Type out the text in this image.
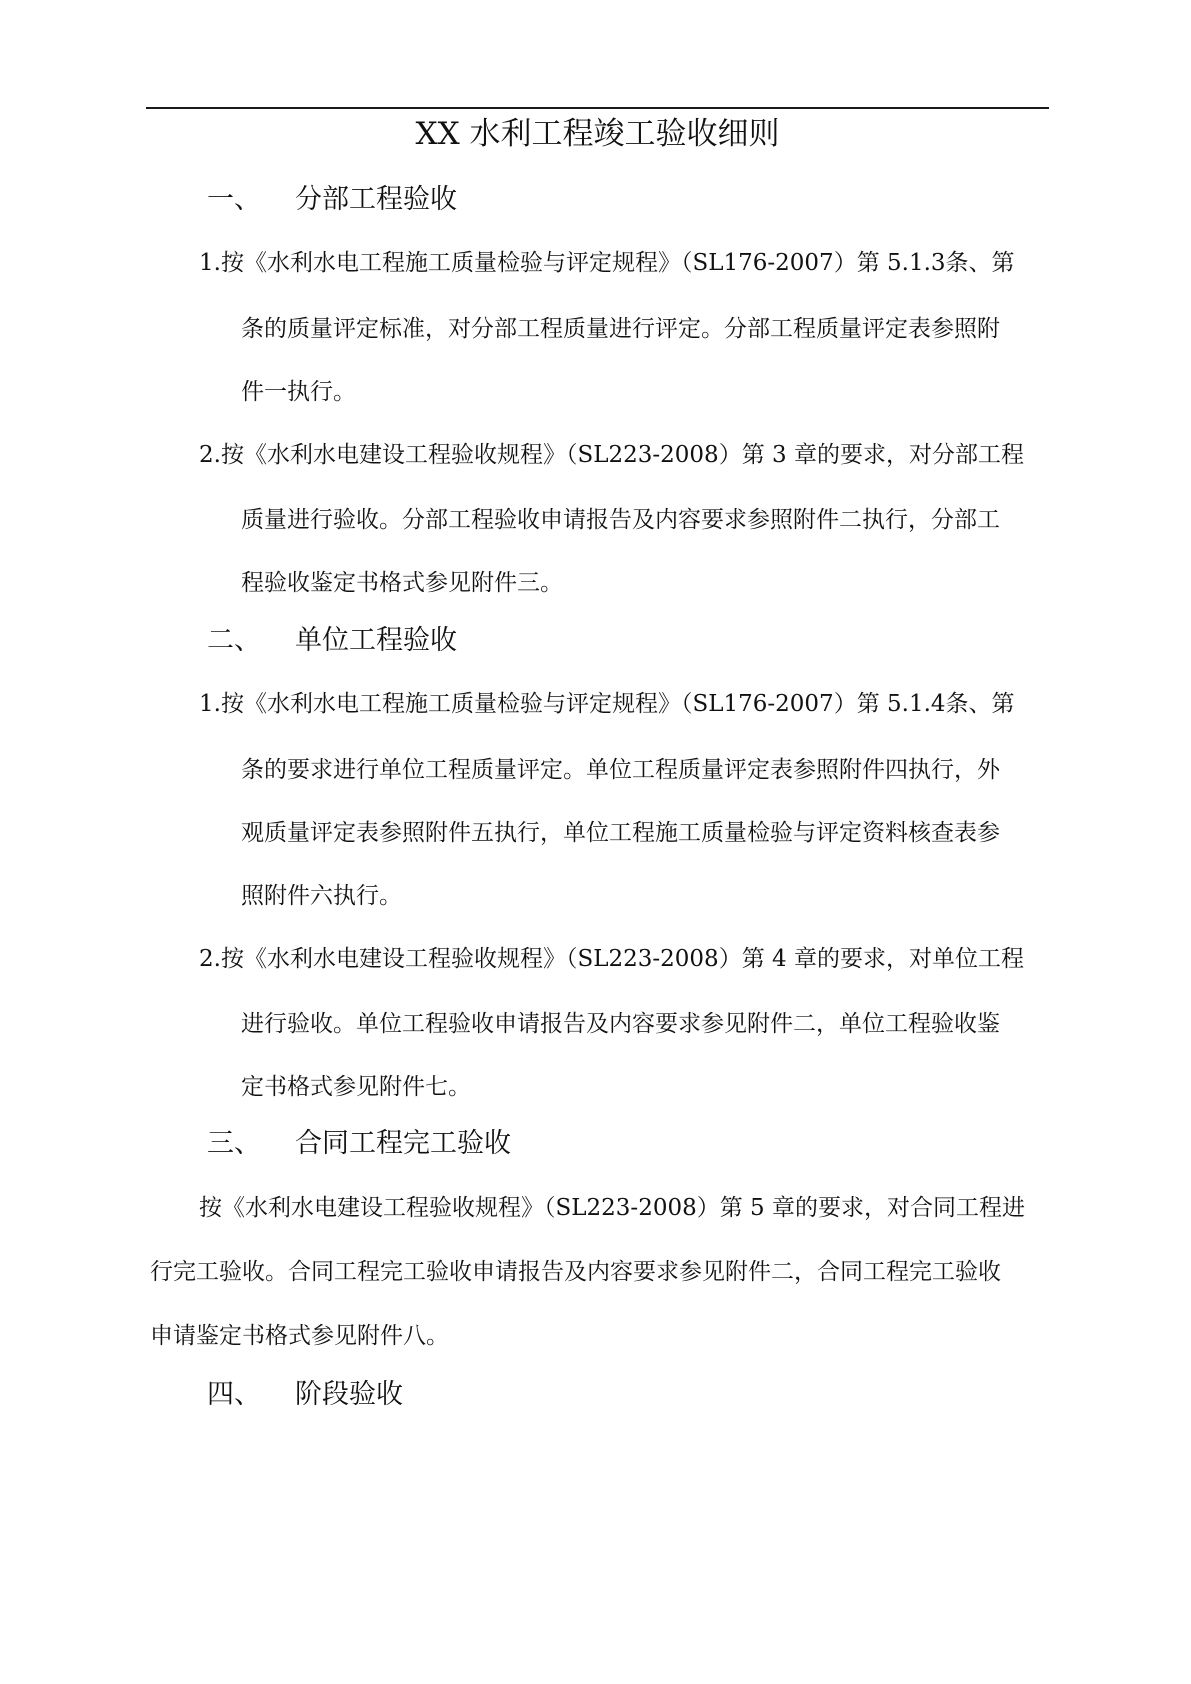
XX 水利工程竣工验收细则
一、 分部工程验收
1.按《水利水电工程施工质量检验与评定规程》（SL176-2007）第 5.1.3条、第
条的质量评定标准，对分部工程质量进行评定。分部工程质量评定表参照附
件一执行。
2.按《水利水电建设工程验收规程》（SL223-2008）第 3 章的要求，对分部工程
质量进行验收。分部工程验收申请报告及内容要求参照附件二执行，分部工
程验收鉴定书格式参见附件三。
二、 单位工程验收
1.按《水利水电工程施工质量检验与评定规程》（SL176-2007）第 5.1.4条、第
条的要求进行单位工程质量评定。单位工程质量评定表参照附件四执行，外
观质量评定表参照附件五执行，单位工程施工质量检验与评定资料核查表参
照附件六执行。
2.按《水利水电建设工程验收规程》（SL223-2008）第 4 章的要求，对单位工程
进行验收。单位工程验收申请报告及内容要求参见附件二，单位工程验收鉴
定书格式参见附件七。
三、 合同工程完工验收
按《水利水电建设工程验收规程》（SL223-2008）第 5 章的要求，对合同工程进
行完工验收。合同工程完工验收申请报告及内容要求参见附件二，合同工程完工验收
申请鉴定书格式参见附件八。
四、 阶段验收
